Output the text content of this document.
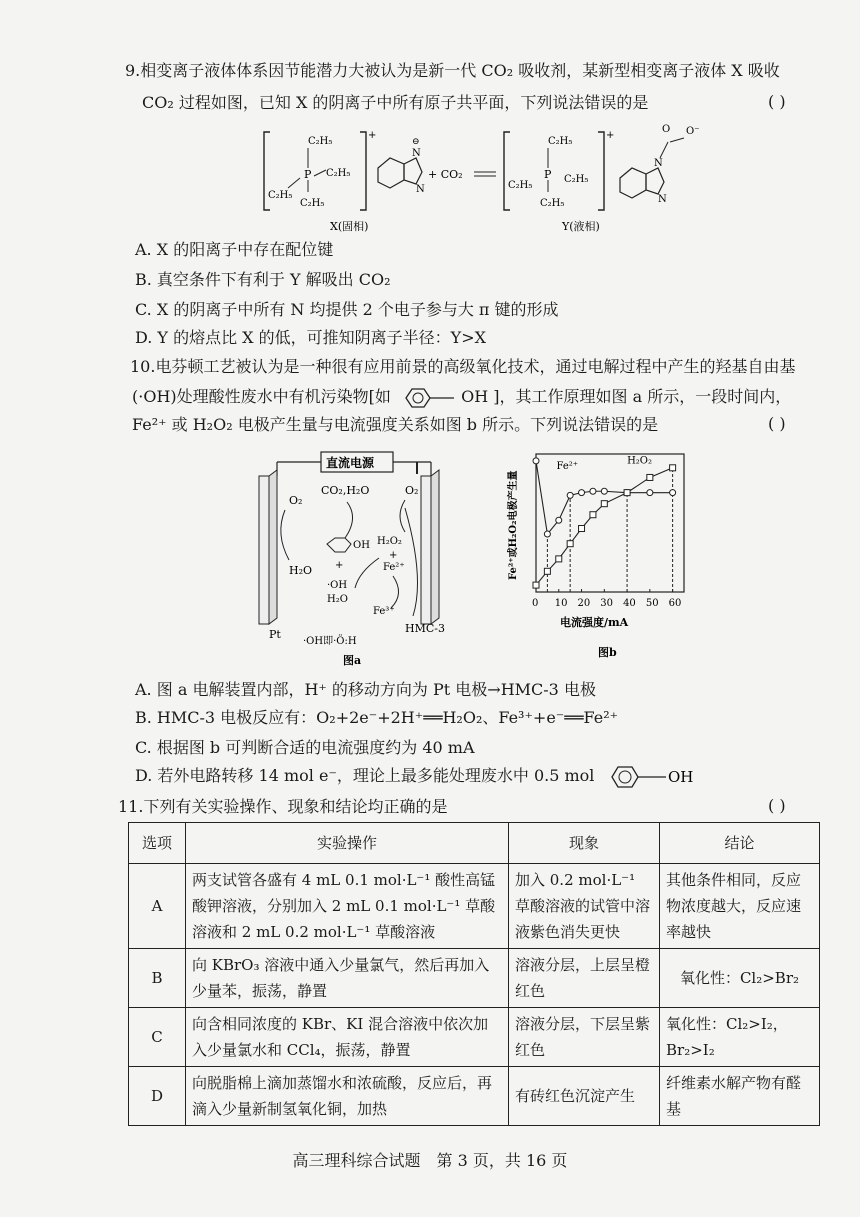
9.相变离子液体体系因节能潜力大被认为是新一代 CO₂ 吸收剂，某新型相变离子液体 X 吸收
CO₂ 过程如图，已知 X 的阴离子中所有原子共平面，下列说法错误的是	( )
+
C₂H₅
P
C₂H₅
C₂H₅
C₂H₅
N
⊖
N
+ CO₂
X(固相)
+
C₂H₅
P
C₂H₅
C₂H₅
C₂H₅
N
N
O O⁻
Y(液相)
A. X 的阳离子中存在配位键
B. 真空条件下有利于 Y 解吸出 CO₂
C. X 的阴离子中所有 N 均提供 2 个电子参与大 π 键的形成
D. Y 的熔点比 X 的低，可推知阴离子半径：Y>X
10.电芬顿工艺被认为是一种很有应用前景的高级氧化技术，通过电解过程中产生的羟基自由基
(·OH)处理酸性废水中有机污染物[如	OH ]，其工作原理如图 a 所示，一段时间内，
Fe²⁺ 或 H₂O₂ 电极产生量与电流强度关系如图 b 所示。下列说法错误的是	( )
直流电源
O₂
H₂O
CO₂,H₂O	O₂
OH H₂O₂
+
Fe²⁺
+
·OH
H₂O
Fe³⁺
Pt	HMC-3
·OH即·Ö:H
图a
Fe²⁺或H₂O₂电极产生量
0 10 20 30 40 50 60
Fe²⁺
H₂O₂
电流强度/mA
图b
A. 图 a 电解装置内部，H⁺ 的移动方向为 Pt 电极→HMC-3 电极
B. HMC-3 电极反应有：O₂+2e⁻+2H⁺══H₂O₂、Fe³⁺+e⁻══Fe²⁺
C. 根据图 b 可判断合适的电流强度约为 40 mA
D. 若外电路转移 14 mol e⁻，理论上最多能处理废水中 0.5 mol	OH
11.下列有关实验操作、现象和结论均正确的是	( )
选项	实验操作	现象	结论
A	两支试管各盛有 4 mL 0.1 mol·L⁻¹ 酸性高锰酸钾溶液，分别加入 2 mL 0.1 mol·L⁻¹ 草酸溶液和 2 mL 0.2 mol·L⁻¹ 草酸溶液	加入 0.2 mol·L⁻¹ 草酸溶液的试管中溶液紫色消失更快	其他条件相同，反应物浓度越大，反应速率越快
B	向 KBrO₃ 溶液中通入少量氯气，然后再加入少量苯，振荡，静置	溶液分层，上层呈橙红色	氧化性：Cl₂>Br₂
C	向含相同浓度的 KBr、KI 混合溶液中依次加入少量氯水和 CCl₄，振荡，静置	溶液分层，下层呈紫红色	氧化性：Cl₂>I₂，Br₂>I₂
D	向脱脂棉上滴加蒸馏水和浓硫酸，反应后，再滴入少量新制氢氧化铜，加热	有砖红色沉淀产生	纤维素水解产物有醛基
高三理科综合试题　第 3 页，共 16 页
